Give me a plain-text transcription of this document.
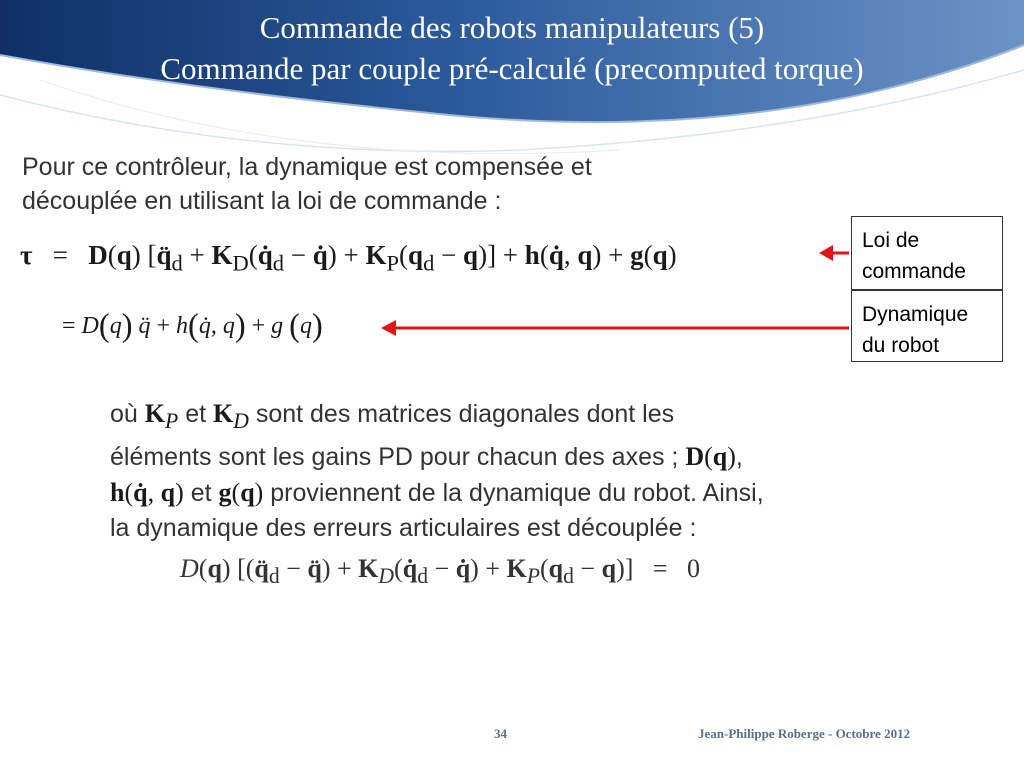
Commande des robots manipulateurs (5)
Commande par couple pré-calculé (precomputed torque)
Pour ce contrôleur, la dynamique est compensée et
découplée en utilisant la loi de commande :
τ   =   D(q) [$q̈_d$ + $K_D(q̇_d$ − q̇) + $K_P(q_d - q)$] + h(q̇, q) + g(q)
= D(q) q̈ + h(q̇, q) + g (q)
Loi de
commande
Dynamique
du robot
où $K_P$ et $K_D$ sont des matrices diagonales dont les
éléments sont les gains PD pour chacun des axes ; D(q),
h(q̇, q) et g(q) proviennent de la dynamique du robot. Ainsi,
la dynamique des erreurs articulaires est découplée :
D(q) [($q̈_d$ − q̈) + $K_D(q̇_d$ − q̇) + $K_P(q_d - q)] = 0$
34	Jean-Philippe Roberge - Octobre 2012
